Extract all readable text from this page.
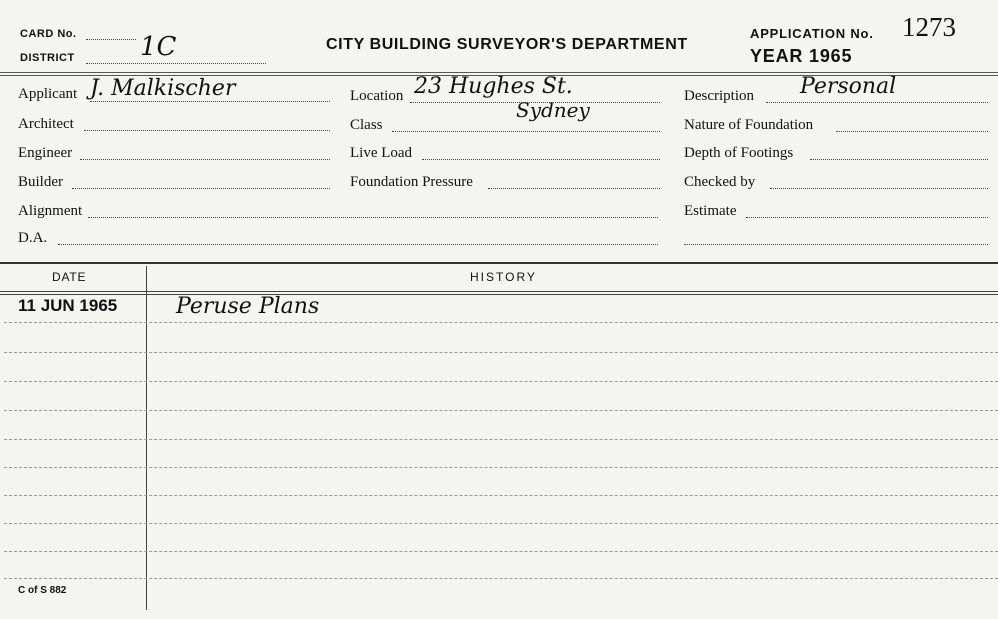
CARD No.
DISTRICT	1C	CITY BUILDING SURVEYOR'S DEPARTMENT
APPLICATION No. 1273
YEAR 1965
Applicant J. Malkischer
Architect
Engineer
Builder
Alignment
D.A.
Location 23 Hughes St.
Sydney
Class
Live Load
Foundation Pressure
Description Personal
Nature of Foundation
Depth of Footings
Checked by
Estimate
DATE	HISTORY
11 JUN 1965	Peruse Plans
C of S 882
